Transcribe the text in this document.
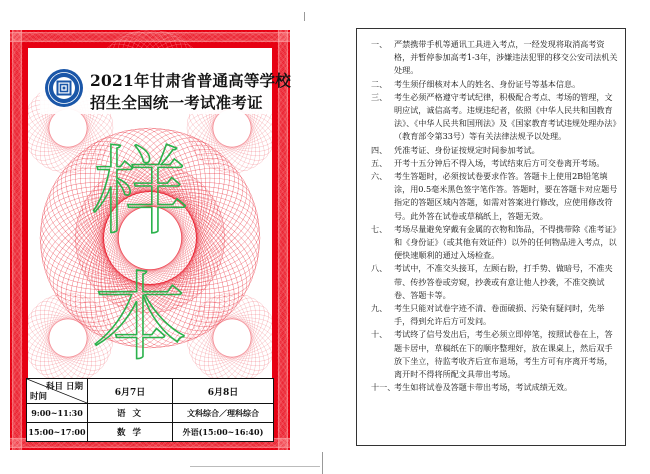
2021年甘肃省普通高等学校
招生全国统一考试准考证
样
本
科目 日期
时间	6月7日	6月8日
9:00~11:30	语 文	文科综合／理科综合
15:00~17:00	数 学	外语(15:00~16:40)
一、 严禁携带手机等通讯工具进入考点，一经发现将取消高考资格，并暂停参加高考1-3年，涉嫌违法犯罪的移交公安司法机关处理。
二、 考生须仔细核对本人的姓名、身份证号等基本信息。
三、 考生必须严格遵守考试纪律，积极配合考点、考场的管理，文明应试，诚信高考。违规违纪者，依照《中华人民共和国教育法》、《中华人民共和国刑法》及《国家教育考试违规处理办法》（教育部令第33号）等有关法律法规予以处理。
四、 凭准考证、身份证按规定时间参加考试。
五、 开考十五分钟后不得入场，考试结束后方可交卷离开考场。
六、 考生答题时，必须按试卷要求作答。答题卡上使用2B铅笔填涂，用0.5毫米黑色签字笔作答。答题时，要在答题卡对应题号指定的答题区域内答题，如需对答案进行修改，应使用修改符号。此外答在试卷或草稿纸上，答题无效。
七、 考场尽量避免穿戴有金属的衣物和饰品，不得携带除《准考证》和《身份证》（或其他有效证件）以外的任何物品进入考点，以便快速顺利的通过入场检查。
八、 考试中，不准交头接耳，左顾右盼，打手势、做暗号，不准夹带、传抄答卷或旁窥，抄袭或有意让他人抄袭，不准交换试卷、答题卡等。
九、 考生只能对试卷字迹不清、卷面破损、污染有疑问时，先举手，得到允许后方可发问。
十、 考试终了信号发出后，考生必须立即停笔，按照试卷在上，答题卡居中，草稿纸在下的顺序整理好，放在课桌上，然后双手放下坐立，待监考收齐后宣布退场，考生方可有序离开考场，离开时不得将所配文具带出考场。
十一、
考生如将试卷及答题卡带出考场，考试成绩无效。
